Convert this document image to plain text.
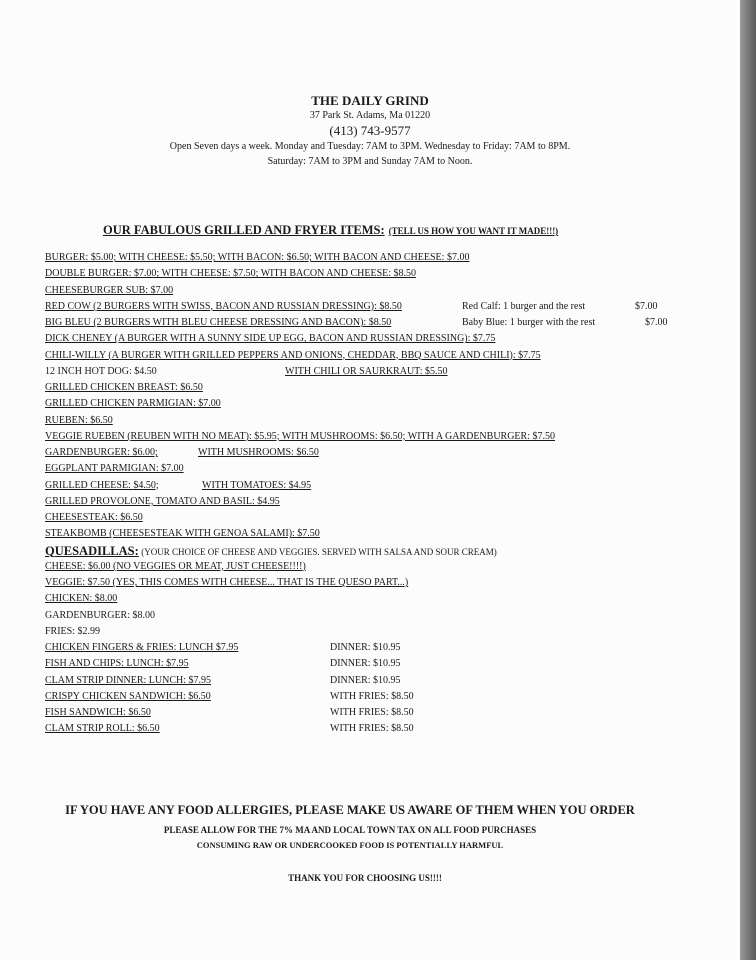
THE DAILY GRIND
37 Park St. Adams, Ma 01220
(413) 743-9577
Open Seven days a week. Monday and Tuesday: 7AM to 3PM. Wednesday to Friday: 7AM to 8PM.
Saturday: 7AM to 3PM and Sunday 7AM to Noon.
OUR FABULOUS GRILLED AND FRYER ITEMS: (TELL US HOW YOU WANT IT MADE!!!)
BURGER: $5.00; WITH CHEESE: $5.50; WITH BACON: $6.50; WITH BACON AND CHEESE: $7.00
DOUBLE BURGER: $7.00; WITH CHEESE: $7.50; WITH BACON AND CHEESE: $8.50
CHEESEBURGER SUB: $7.00
RED COW (2 BURGERS WITH SWISS, BACON AND RUSSIAN DRESSING): $8.50	Red Calf: 1 burger and the rest	$7.00
BIG BLEU (2 BURGERS WITH BLEU CHEESE DRESSING AND BACON): $8.50	Baby Blue: 1 burger with the rest	$7.00
DICK CHENEY (A BURGER WITH A SUNNY SIDE UP EGG, BACON AND RUSSIAN DRESSING): $7.75
CHILI-WILLY (A BURGER WITH GRILLED PEPPERS AND ONIONS, CHEDDAR, BBQ SAUCE AND CHILI): $7.75
12 INCH HOT DOG: $4.50	WITH CHILI OR SAURKRAUT: $5.50
GRILLED CHICKEN BREAST: $6.50
GRILLED CHICKEN PARMIGIAN: $7.00
RUEBEN: $6.50
VEGGIE RUEBEN (REUBEN WITH NO MEAT): $5.95; WITH MUSHROOMS: $6.50; WITH A GARDENBURGER: $7.50
GARDENBURGER: $6.00;	WITH MUSHROOMS: $6.50
EGGPLANT PARMIGIAN: $7.00
GRILLED CHEESE: $4.50;	WITH TOMATOES: $4.95
GRILLED PROVOLONE, TOMATO AND BASIL: $4.95
CHEESESTEAK: $6.50
STEAKBOMB (CHEESESTEAK WITH GENOA SALAMI): $7.50
QUESADILLAS: (YOUR CHOICE OF CHEESE AND VEGGIES. SERVED WITH SALSA AND SOUR CREAM)
CHEESE: $6.00 (NO VEGGIES OR MEAT, JUST CHEESE!!!!)
VEGGIE: $7.50 (YES, THIS COMES WITH CHEESE... THAT IS THE QUESO PART...)
CHICKEN: $8.00
GARDENBURGER: $8.00
FRIES: $2.99
CHICKEN FINGERS & FRIES: LUNCH $7.95	DINNER: $10.95
FISH AND CHIPS: LUNCH: $7.95	DINNER: $10.95
CLAM STRIP DINNER: LUNCH: $7.95	DINNER: $10.95
CRISPY CHICKEN SANDWICH: $6.50	WITH FRIES: $8.50
FISH SANDWICH: $6.50	WITH FRIES: $8.50
CLAM STRIP ROLL: $6.50	WITH FRIES: $8.50
IF YOU HAVE ANY FOOD ALLERGIES, PLEASE MAKE US AWARE OF THEM WHEN YOU ORDER
PLEASE ALLOW FOR THE 7% MA AND LOCAL TOWN TAX ON ALL FOOD PURCHASES
CONSUMING RAW OR UNDERCOOKED FOOD IS POTENTIALLY HARMFUL
THANK YOU FOR CHOOSING US!!!!
